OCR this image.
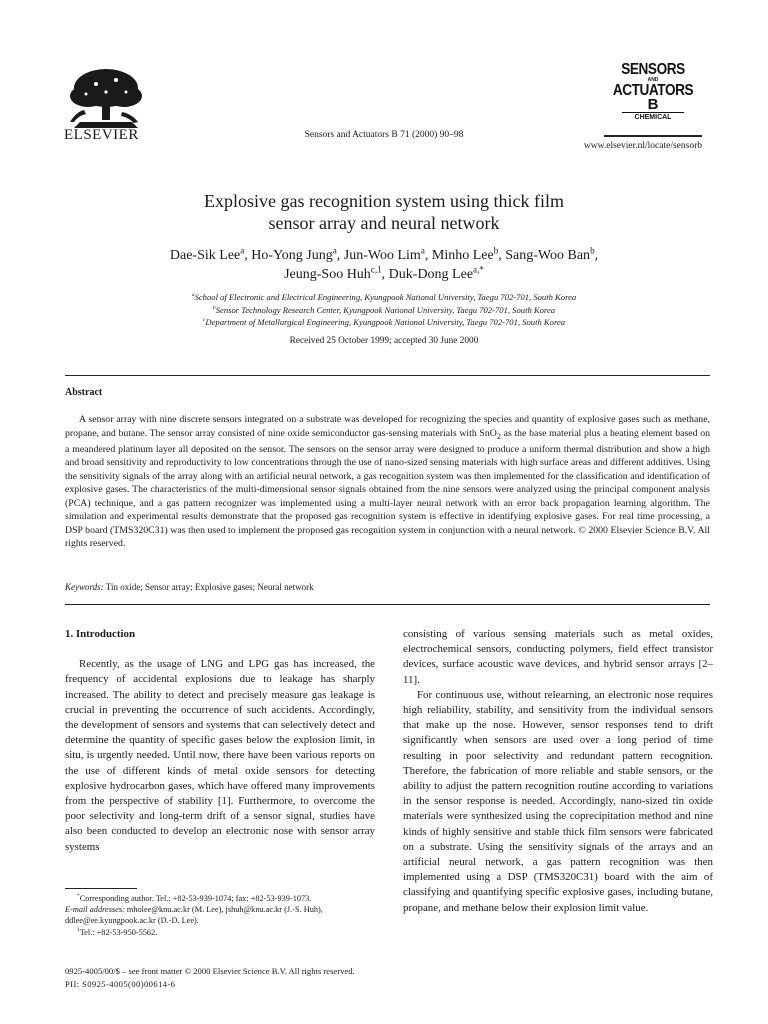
ELSEVIER	Sensors and Actuators B 71 (2000) 90–98
SENSORS
AND
ACTUATORS
B
CHEMICAL
www.elsevier.nl/locate/sensorb
Explosive gas recognition system using thick film
sensor array and neural network
Dae-Sik Lee$^a$, Ho-Yong Jung$^a$, Jun-Woo Lim$^a$, Minho Lee$^b$, Sang-Woo Ban$^b$,
Jeung-Soo Huh$^{c,1}$, Duk-Dong Lee$^{a,*}$
$^a$School of Electronic and Electrical Engineering, Kyungpook National University, Taegu 702-701, South Korea
$^b$Sensor Technology Research Center, Kyungpook National University, Taegu 702-701, South Korea
$^c$Department of Metallurgical Engineering, Kyungpook National University, Taegu 702-701, South Korea
Received 25 October 1999; accepted 30 June 2000
Abstract

A sensor array with nine discrete sensors integrated on a substrate was developed for recognizing the species and quantity of explosive gases such as methane, propane, and butane. The sensor array consisted of nine oxide semiconductor gas-sensing materials with SnO$_2$ as the base material plus a heating element based on a meandered platinum layer all deposited on the sensor. The sensors on the sensor array were designed to produce a uniform thermal distribution and show a high and broad sensitivity and reproductivity to low concentrations through the use of nano-sized sensing materials with high surface areas and different additives. Using the sensitivity signals of the array along with an artificial neural network, a gas recognition system was then implemented for the classification and identification of explosive gases. The characteristics of the multi-dimensional sensor signals obtained from the nine sensors were analyzed using the principal component analysis (PCA) technique, and a gas pattern recognizer was implemented using a multi-layer neural network with an error back propagation learning algorithm. The simulation and experimental results demonstrate that the proposed gas recognition system is effective in identifying explosive gases. For real time processing, a DSP board (TMS320C31) was then used to implement the proposed gas recognition system in conjunction with a neural network. © 2000 Elsevier Science B.V. All rights reserved.

Keywords: Tin oxide; Sensor array; Explosive gases; Neural network

1. Introduction

Recently, as the usage of LNG and LPG gas has increased, the frequency of accidental explosions due to leakage has sharply increased. The ability to detect and precisely measure gas leakage is crucial in preventing the occurrence of such accidents. Accordingly, the development of sensors and systems that can selectively detect and determine the quantity of specific gases below the explosion limit, in situ, is urgently needed. Until now, there have been various reports on the use of different kinds of metal oxide sensors for detecting explosive hydrocarbon gases, which have offered many improvements from the perspective of stability [1]. Furthermore, to overcome the poor selectivity and long-term drift of a sensor signal, studies have also been conducted to develop an electronic nose with sensor array systems

consisting of various sensing materials such as metal oxides, electrochemical sensors, conducting polymers, field effect transistor devices, surface acoustic wave devices, and hybrid sensor arrays [2–11].

For continuous use, without relearning, an electronic nose requires high reliability, stability, and sensitivity from the individual sensors that make up the nose. However, sensor responses tend to drift significantly when sensors are used over a long period of time resulting in poor selectivity and redundant pattern recognition. Therefore, the fabrication of more reliable and stable sensors, or the ability to adjust the pattern recognition routine according to variations in the sensor response is needed. Accordingly, nano-sized tin oxide materials were synthesized using the coprecipitation method and nine kinds of highly sensitive and stable thick film sensors were fabricated on a substrate. Using the sensitivity signals of the arrays and an artificial neural network, a gas pattern recognition was then implemented using a DSP (TMS320C31) board with the aim of classifying and quantifying specific explosive gases, including butane, propane, and methane below their explosion limit value.

*Corresponding author. Tel.: +82-53-939-1074; fax: +82-53-939-1073.
E-mail addresses: mholee@knu.ac.kr (M. Lee), jshuh@knu.ac.kr (J.-S. Huh), ddlee@ee.kyungpook.ac.kr (D.-D. Lee).

$^1$Tel.: +82-53-950-5562.

0925-4005/00/$ – see front matter © 2000 Elsevier Science B.V. All rights reserved.
PII: S0925-4005(00)00614-6
